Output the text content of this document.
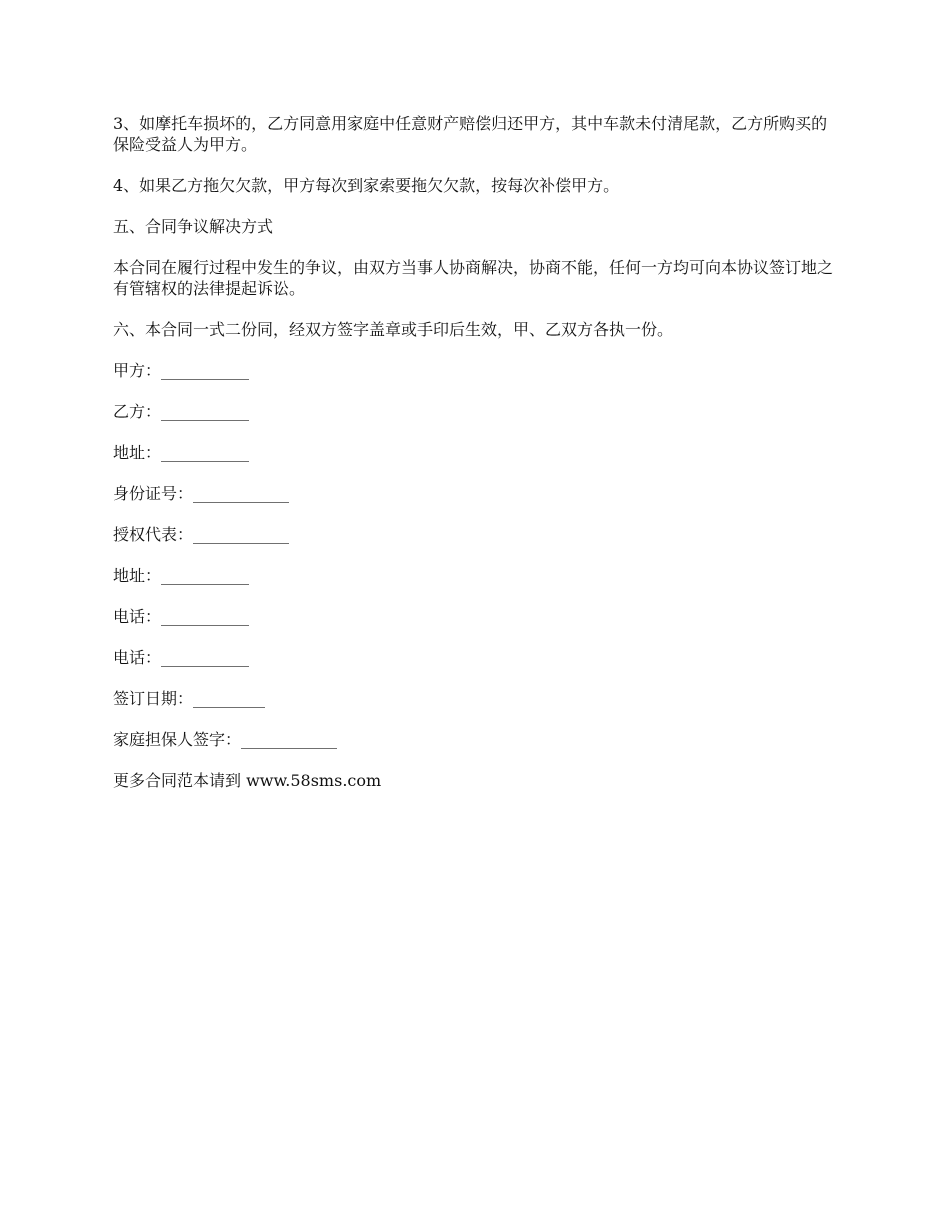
3、如摩托车损坏的，乙方同意用家庭中任意财产赔偿归还甲方，其中车款未付清尾款，乙方所购买的保险受益人为甲方。

4、如果乙方拖欠欠款，甲方每次到家索要拖欠欠款，按每次补偿甲方。

五、合同争议解决方式

本合同在履行过程中发生的争议，由双方当事人协商解决，协商不能，任何一方均可向本协议签订地之有管辖权的法律提起诉讼。

六、本合同一式二份同，经双方签字盖章或手印后生效，甲、乙双方各执一份。

甲方：___________

乙方：___________

地址：___________

身份证号：____________

授权代表：____________

地址：___________

电话：___________

电话：___________

签订日期：_________

家庭担保人签字：____________

更多合同范本请到 www.58sms.com
